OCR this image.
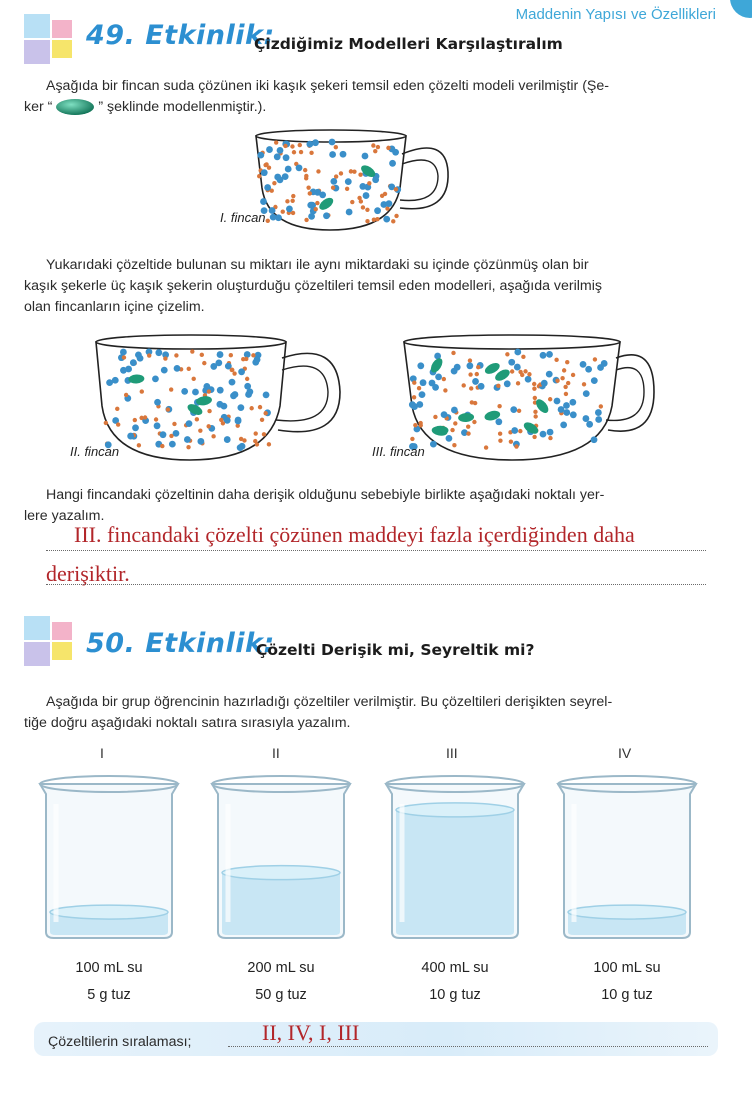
Maddenin Yapısı ve Özellikleri
49. Etkinlik:
Çizdiğimiz Modelleri Karşılaştıralım
Aşağıda bir fincan suda çözünen iki kaşık şekeri temsil eden çözelti modeli verilmiştir (Şe-
ker “	” şeklinde modellenmiştir.).
I. fincan
Yukarıdaki çözeltide bulunan su miktarı ile aynı miktardaki su içinde çözünmüş olan bir
kaşık şekerle üç kaşık şekerin oluşturduğu çözeltileri temsil eden modelleri, aşağıda verilmiş
olan fincanların içine çizelim.
II. fincan	III. fincan
Hangi fincandaki çözeltinin daha derişik olduğunu sebebiyle birlikte aşağıdaki noktalı yer-
lere yazalım.
III. fincandaki çözelti çözünen maddeyi fazla içerdiğinden daha
derişiktir.
50. Etkinlik:
Çözelti Derişik mi, Seyreltik mi?
Aşağıda bir grup öğrencinin hazırladığı çözeltiler verilmiştir. Bu çözeltileri derişikten seyrel-
tiğe doğru aşağıdaki noktalı satıra sırasıyla yazalım.
I
100 mL su
5 g tuz
II
200 mL su
50 g tuz
III
400 mL su
10 g tuz
IV
100 mL su
10 g tuz
Çözeltilerin sıralaması;	II, IV, I, III
